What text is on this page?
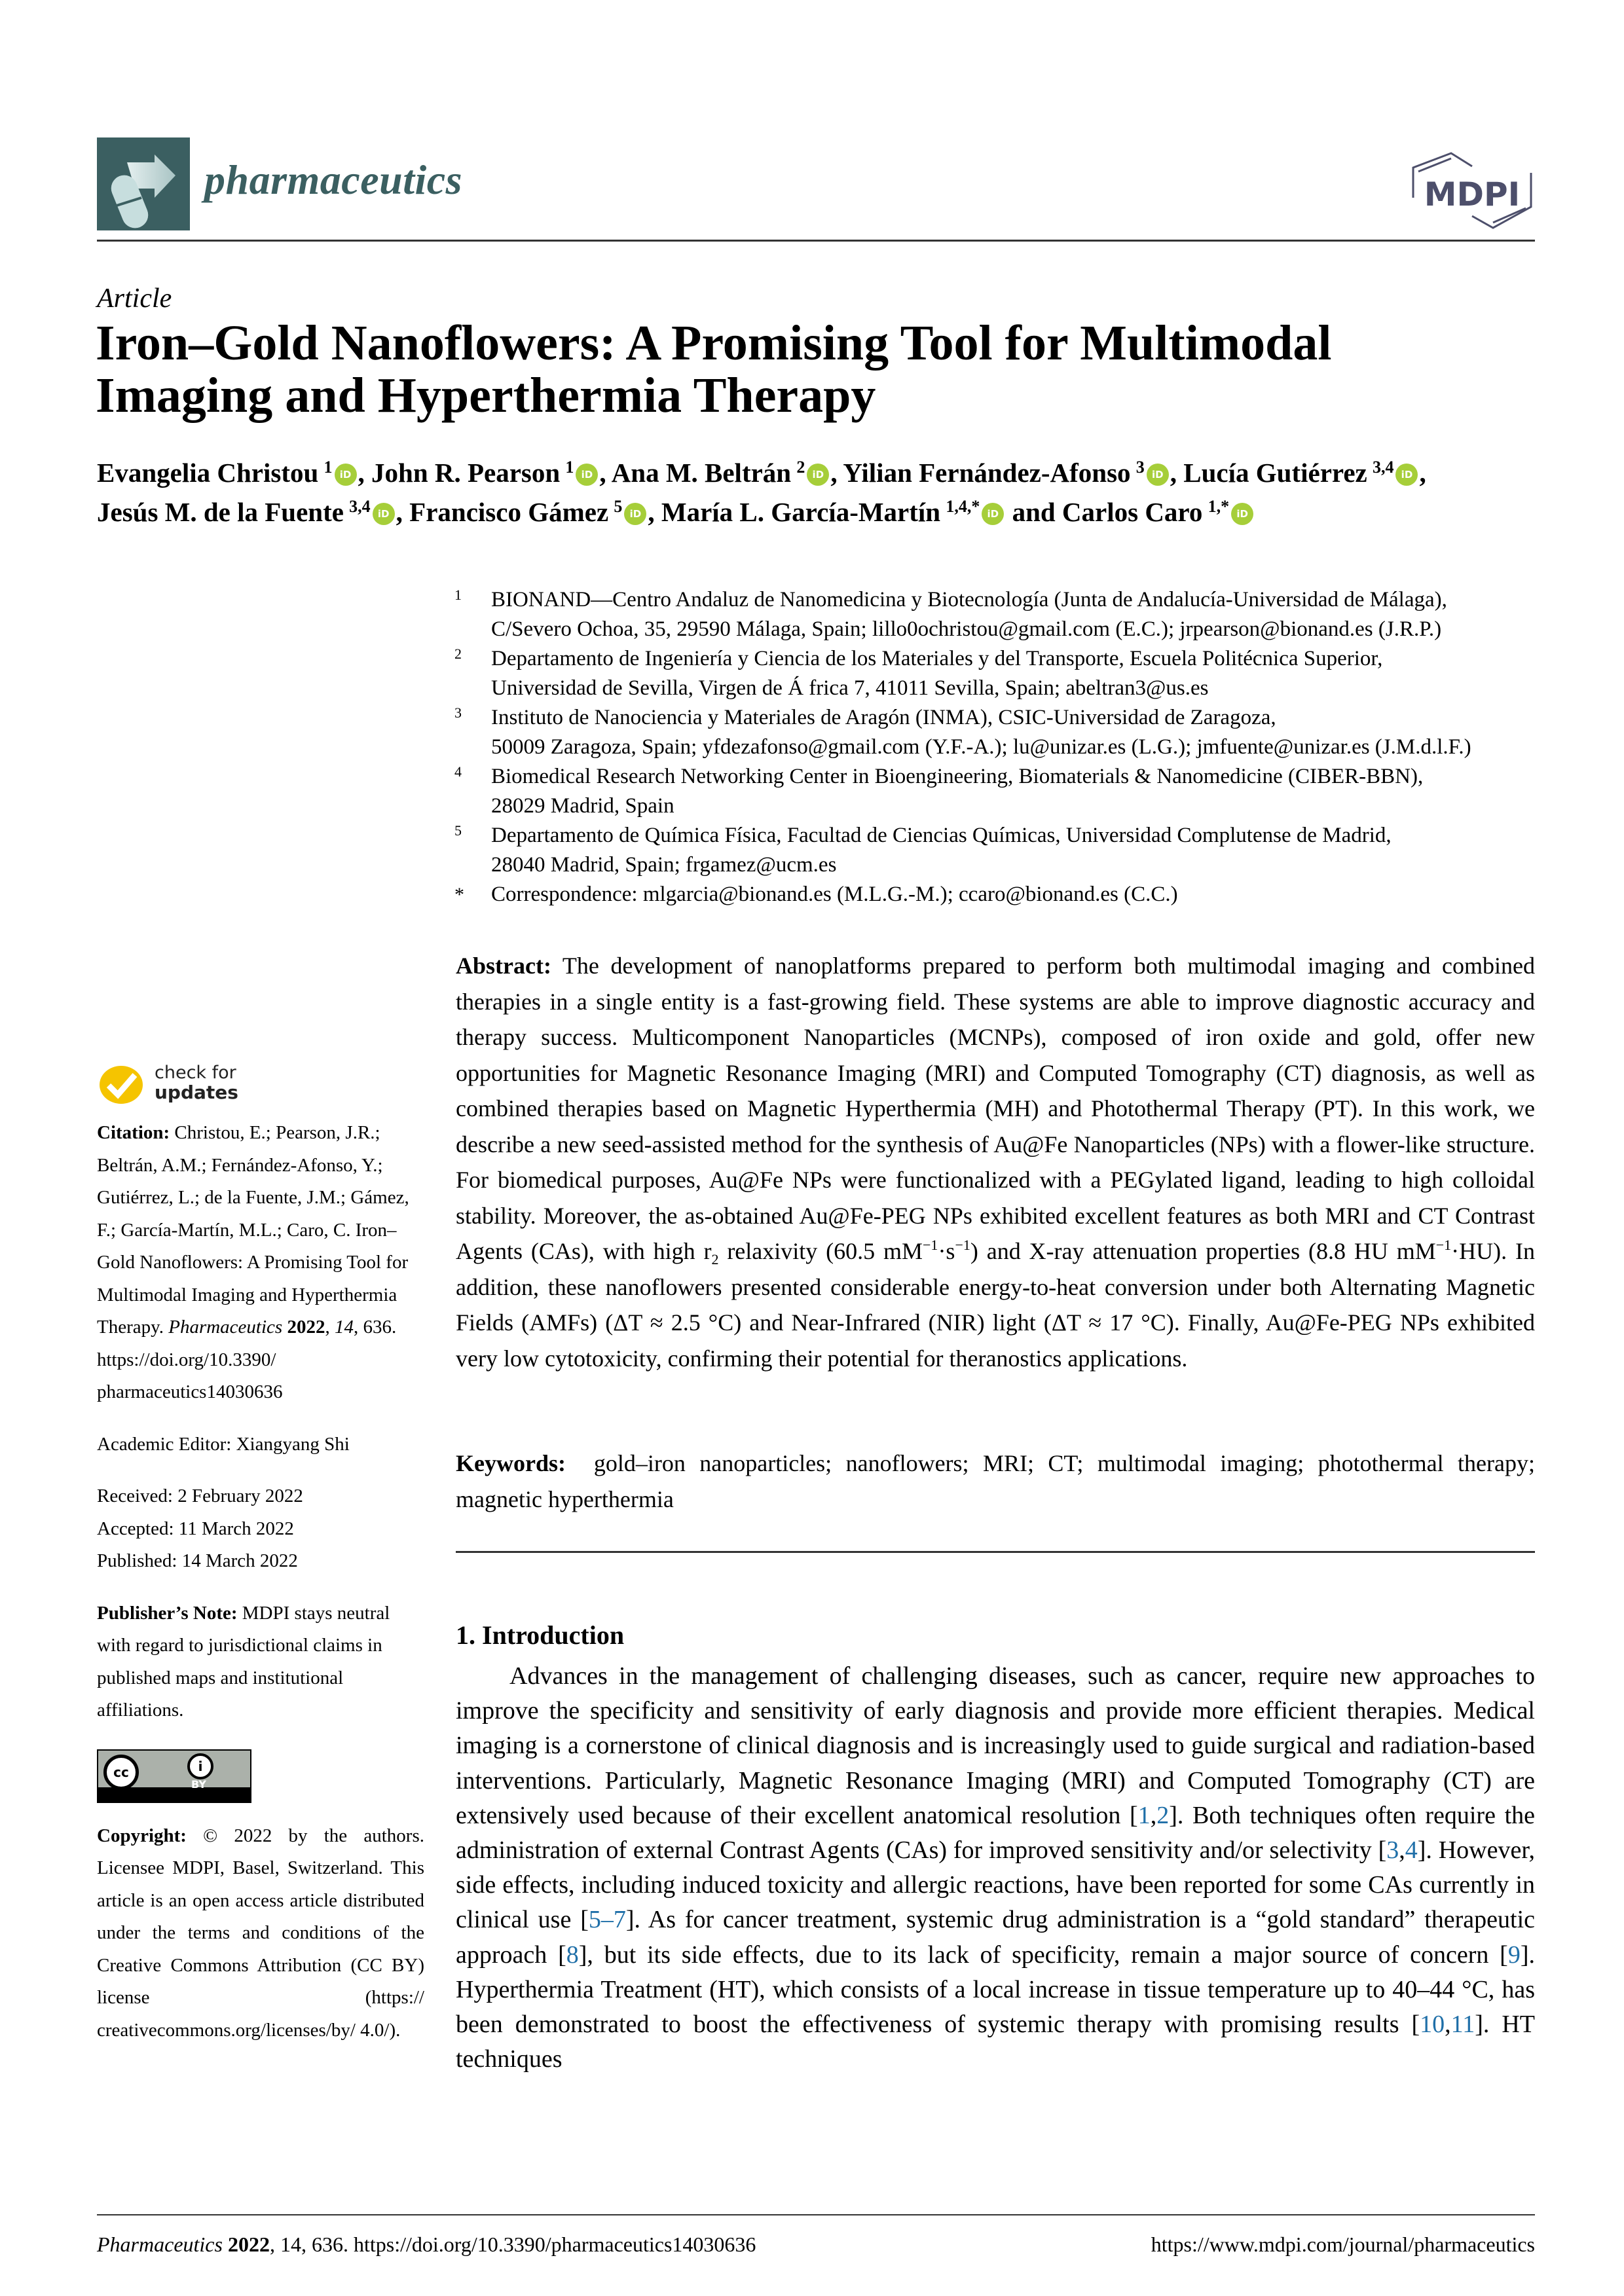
pharmaceutics	MDPI
Article
Iron–Gold Nanoflowers: A Promising Tool for Multimodal
Imaging and Hyperthermia Therapy
Evangelia Christou  $^1$ iD , John R. Pearson  $^1$ iD , Ana M. Beltrán  $^2$ iD , Yilian Fernández-Afonso  $^3$ iD , Lucía Gutiérrez  $^{3,4}$ iD ,
Jesús M. de la Fuente  $^{3,4}$ iD , Francisco Gámez  $^5$ iD , María L. García-Martín  $^{1,4,*}$ iD and Carlos Caro  $^{1,*}$ iD
1 BIONAND—Centro Andaluz de Nanomedicina y Biotecnología (Junta de Andalucía-Universidad de Málaga),
C/Severo Ochoa, 35, 29590 Málaga, Spain; lillo0ochristou@gmail.com (E.C.); jrpearson@bionand.es (J.R.P.)
2 Departamento de Ingeniería y Ciencia de los Materiales y del Transporte, Escuela Politécnica Superior,
Universidad de Sevilla, Virgen de Á frica 7, 41011 Sevilla, Spain; abeltran3@us.es
3 Instituto de Nanociencia y Materiales de Aragón (INMA), CSIC-Universidad de Zaragoza,
50009 Zaragoza, Spain; yfdezafonso@gmail.com (Y.F.-A.); lu@unizar.es (L.G.); jmfuente@unizar.es (J.M.d.l.F.)
4 Biomedical Research Networking Center in Bioengineering, Biomaterials & Nanomedicine (CIBER-BBN),
28029 Madrid, Spain
5 Departamento de Química Física, Facultad de Ciencias Químicas, Universidad Complutense de Madrid,
28040 Madrid, Spain; frgamez@ucm.es
* Correspondence: mlgarcia@bionand.es (M.L.G.-M.); ccaro@bionand.es (C.C.)
check for
updates

Citation: Christou, E.; Pearson, J.R.; Beltrán, A.M.; Fernández-Afonso, Y.; Gutiérrez, L.; de la Fuente, J.M.; Gámez, F.; García-Martín, M.L.; Caro, C. Iron–Gold Nanoflowers: A Promising Tool for Multimodal Imaging and Hyperthermia Therapy. Pharmaceutics 2022, 14, 636.
https://doi.org/10.3390/
pharmaceutics14030636

Academic Editor: Xiangyang Shi

Received: 2 February 2022

Accepted: 11 March 2022

Published: 14 March 2022

Publisher’s Note: MDPI stays neutral with regard to jurisdictional claims in published maps and institutional affiliations.

cc	i
BY

Copyright: © 2022 by the authors. Licensee MDPI, Basel, Switzerland. This article is an open access article distributed under the terms and conditions of the Creative Commons Attribution (CC BY) license (https:// creativecommons.org/licenses/by/ 4.0/).

Abstract: The development of nanoplatforms prepared to perform both multimodal imaging and combined therapies in a single entity is a fast-growing field. These systems are able to improve diagnostic accuracy and therapy success. Multicomponent Nanoparticles (MCNPs), composed of iron oxide and gold, offer new opportunities for Magnetic Resonance Imaging (MRI) and Computed Tomography (CT) diagnosis, as well as combined therapies based on Magnetic Hyperthermia (MH) and Photothermal Therapy (PT). In this work, we describe a new seed-assisted method for the synthesis of Au@Fe Nanoparticles (NPs) with a flower-like structure. For biomedical purposes, Au@Fe NPs were functionalized with a PEGylated ligand, leading to high colloidal stability. Moreover, the as-obtained Au@Fe-PEG NPs exhibited excellent features as both MRI and CT Contrast Agents (CAs), with high $r_2$ relaxivity (60.5 $mM^{-1}\cdot s^{-1}$) and X-ray attenuation properties (8.8 HU $mM^{-1}\cdot HU$). In addition, these nanoflowers presented considerable energy-to-heat conversion under both Alternating Magnetic Fields (AMFs) (ΔT ≈ 2.5 °C) and Near-Infrared (NIR) light (ΔT ≈ 17 °C). Finally, Au@Fe-PEG NPs exhibited very low cytotoxicity, confirming their potential for theranostics applications.
Keywords:  gold–iron nanoparticles; nanoflowers; MRI; CT; multimodal imaging; photothermal therapy; magnetic hyperthermia
1. Introduction
Advances in the management of challenging diseases, such as cancer, require new approaches to improve the specificity and sensitivity of early diagnosis and provide more efficient therapies. Medical imaging is a cornerstone of clinical diagnosis and is increasingly used to guide surgical and radiation-based interventions. Particularly, Magnetic Resonance Imaging (MRI) and Computed Tomography (CT) are extensively used because of their excellent anatomical resolution [1,2]. Both techniques often require the administration of external Contrast Agents (CAs) for improved sensitivity and/or selectivity [3,4]. However, side effects, including induced toxicity and allergic reactions, have been reported for some CAs currently in clinical use [5–7]. As for cancer treatment, systemic drug administration is a “gold standard” therapeutic approach [8], but its side effects, due to its lack of specificity, remain a major source of concern [9]. Hyperthermia Treatment (HT), which consists of a local increase in tissue temperature up to 40–44 °C, has been demonstrated to boost the effectiveness of systemic therapy with promising results [10,11]. HT techniques
Pharmaceutics 2022, 14, 636. https://doi.org/10.3390/pharmaceutics14030636	https://www.mdpi.com/journal/pharmaceutics
